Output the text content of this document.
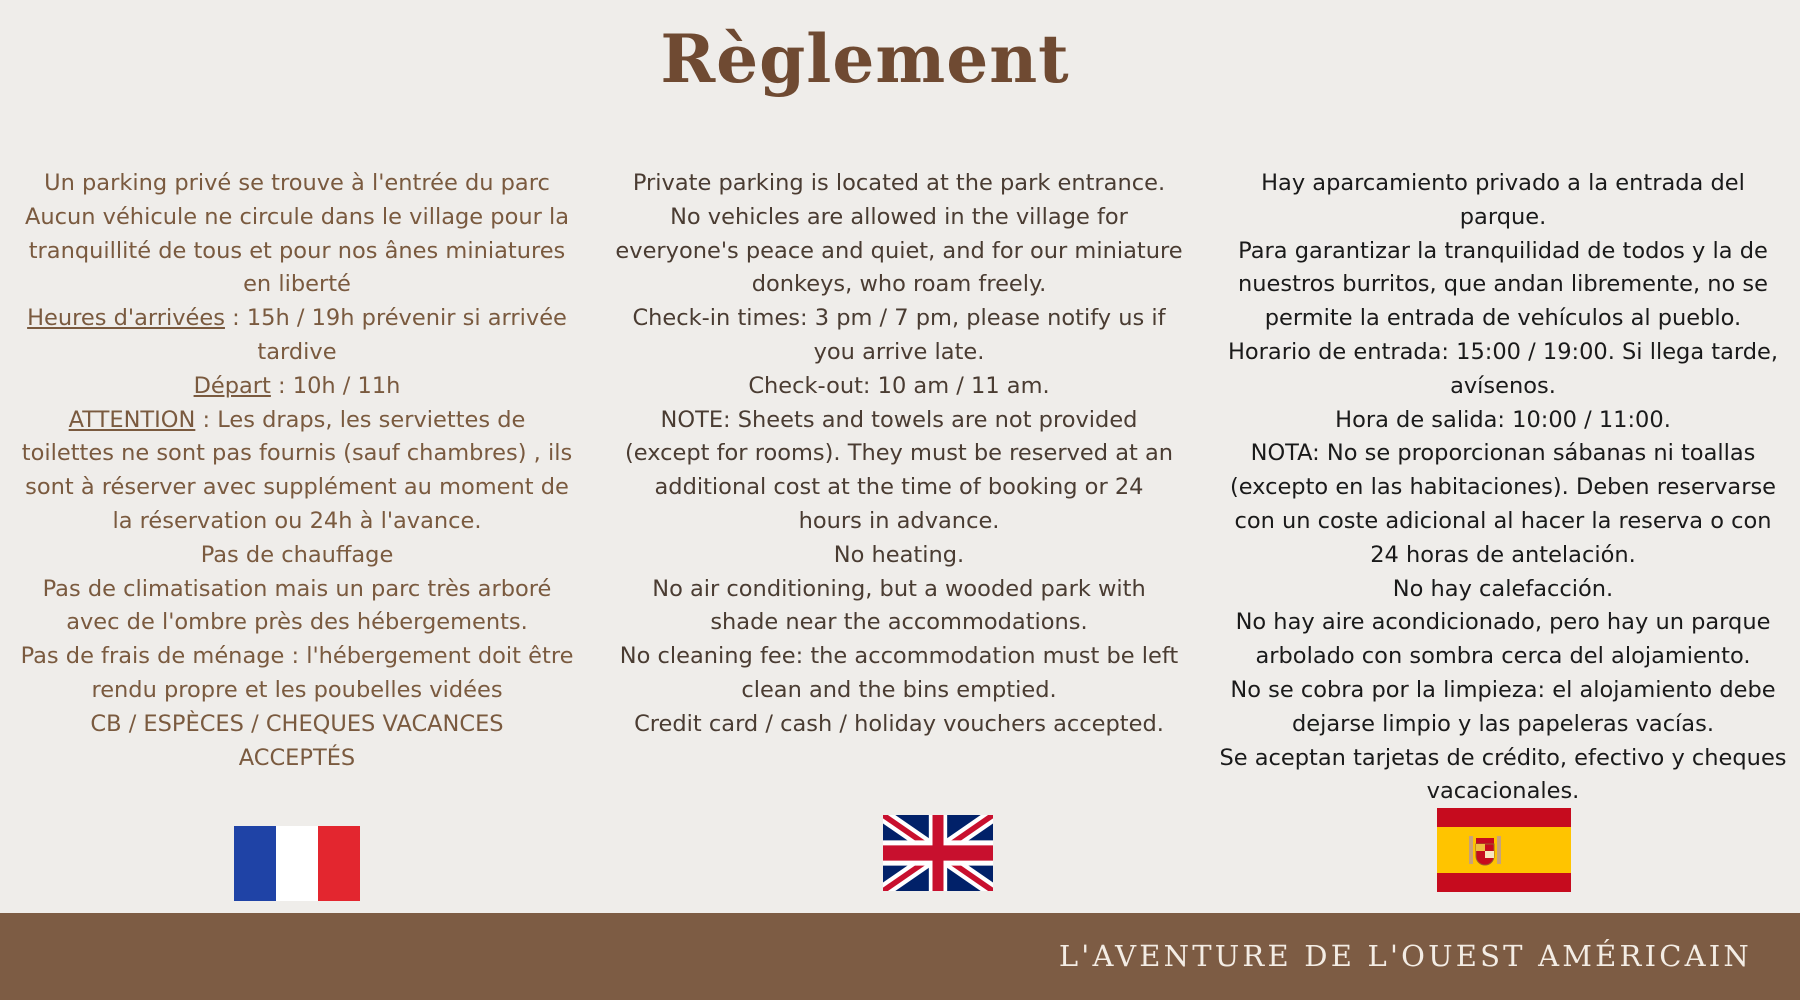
Règlement
Un parking privé se trouve à l'entrée du parc
Aucun véhicule ne circule dans le village pour la
tranquillité de tous et pour nos ânes miniatures
en liberté
Heures d'arrivées : 15h / 19h prévenir si arrivée
tardive
Départ : 10h / 11h
ATTENTION : Les draps, les serviettes de
toilettes ne sont pas fournis (sauf chambres) , ils
sont à réserver avec supplément au moment de
la réservation ou 24h à l'avance.
Pas de chauffage
Pas de climatisation mais un parc très arboré
avec de l'ombre près des hébergements.
Pas de frais de ménage : l'hébergement doit être
rendu propre et les poubelles vidées
CB / ESPÈCES / CHEQUES VACANCES
ACCEPTÉS
Private parking is located at the park entrance.
No vehicles are allowed in the village for
everyone's peace and quiet, and for our miniature
donkeys, who roam freely.
Check-in times: 3 pm / 7 pm, please notify us if
you arrive late.
Check-out: 10 am / 11 am.
NOTE: Sheets and towels are not provided
(except for rooms). They must be reserved at an
additional cost at the time of booking or 24
hours in advance.
No heating.
No air conditioning, but a wooded park with
shade near the accommodations.
No cleaning fee: the accommodation must be left
clean and the bins emptied.
Credit card / cash / holiday vouchers accepted.
Hay aparcamiento privado a la entrada del
parque.
Para garantizar la tranquilidad de todos y la de
nuestros burritos, que andan libremente, no se
permite la entrada de vehículos al pueblo.
Horario de entrada: 15:00 / 19:00. Si llega tarde,
avísenos.
Hora de salida: 10:00 / 11:00.
NOTA: No se proporcionan sábanas ni toallas
(excepto en las habitaciones). Deben reservarse
con un coste adicional al hacer la reserva o con
24 horas de antelación.
No hay calefacción.
No hay aire acondicionado, pero hay un parque
arbolado con sombra cerca del alojamiento.
No se cobra por la limpieza: el alojamiento debe
dejarse limpio y las papeleras vacías.
Se aceptan tarjetas de crédito, efectivo y cheques
vacacionales.
L'AVENTURE DE L'OUEST AMÉRICAIN
